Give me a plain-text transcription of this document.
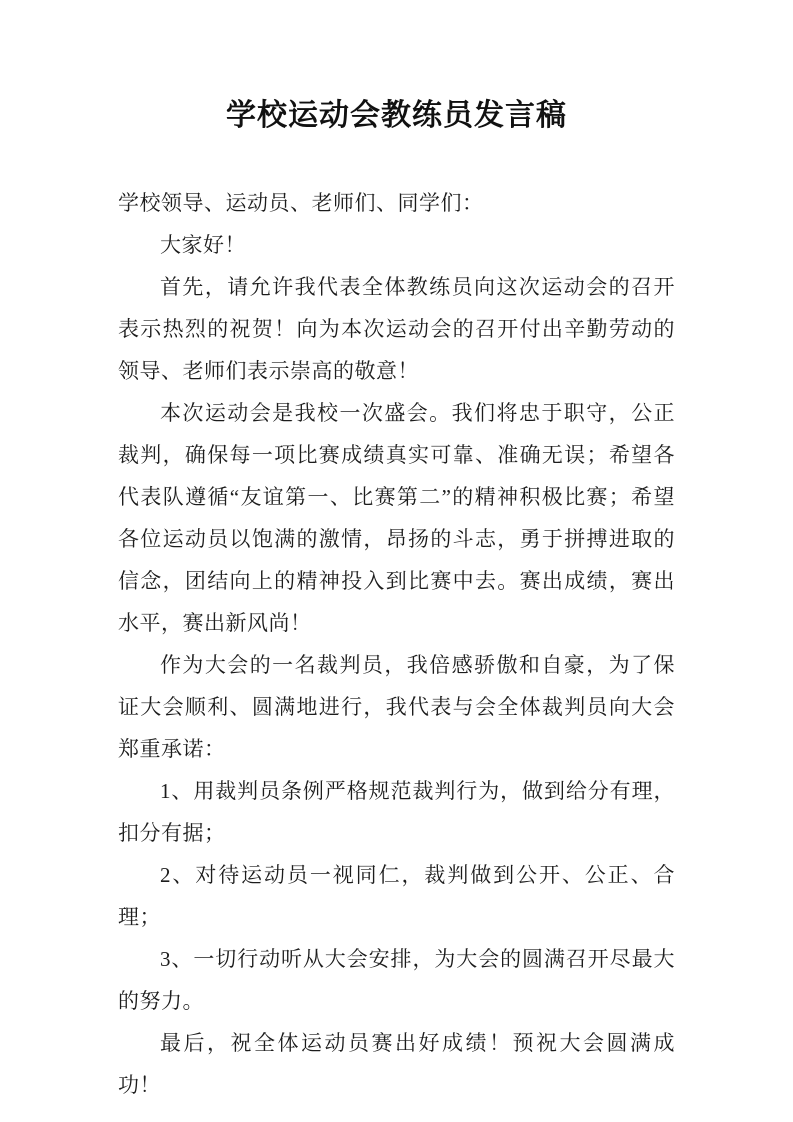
学校运动会教练员发言稿

学校领导、运动员、老师们、同学们：

大家好！

首先，请允许我代表全体教练员向这次运动会的召开表示热烈的祝贺！向为本次运动会的召开付出辛勤劳动的领导、老师们表示崇高的敬意！

本次运动会是我校一次盛会。我们将忠于职守，公正裁判，确保每一项比赛成绩真实可靠、准确无误；希望各代表队遵循“友谊第一、比赛第二”的精神积极比赛；希望各位运动员以饱满的激情，昂扬的斗志，勇于拼搏进取的信念，团结向上的精神投入到比赛中去。赛出成绩，赛出水平，赛出新风尚！

作为大会的一名裁判员，我倍感骄傲和自豪，为了保证大会顺利、圆满地进行，我代表与会全体裁判员向大会郑重承诺：

1、用裁判员条例严格规范裁判行为，做到给分有理，扣分有据；

2、对待运动员一视同仁，裁判做到公开、公正、合理；

3、一切行动听从大会安排，为大会的圆满召开尽最大的努力。

最后，祝全体运动员赛出好成绩！预祝大会圆满成功！
